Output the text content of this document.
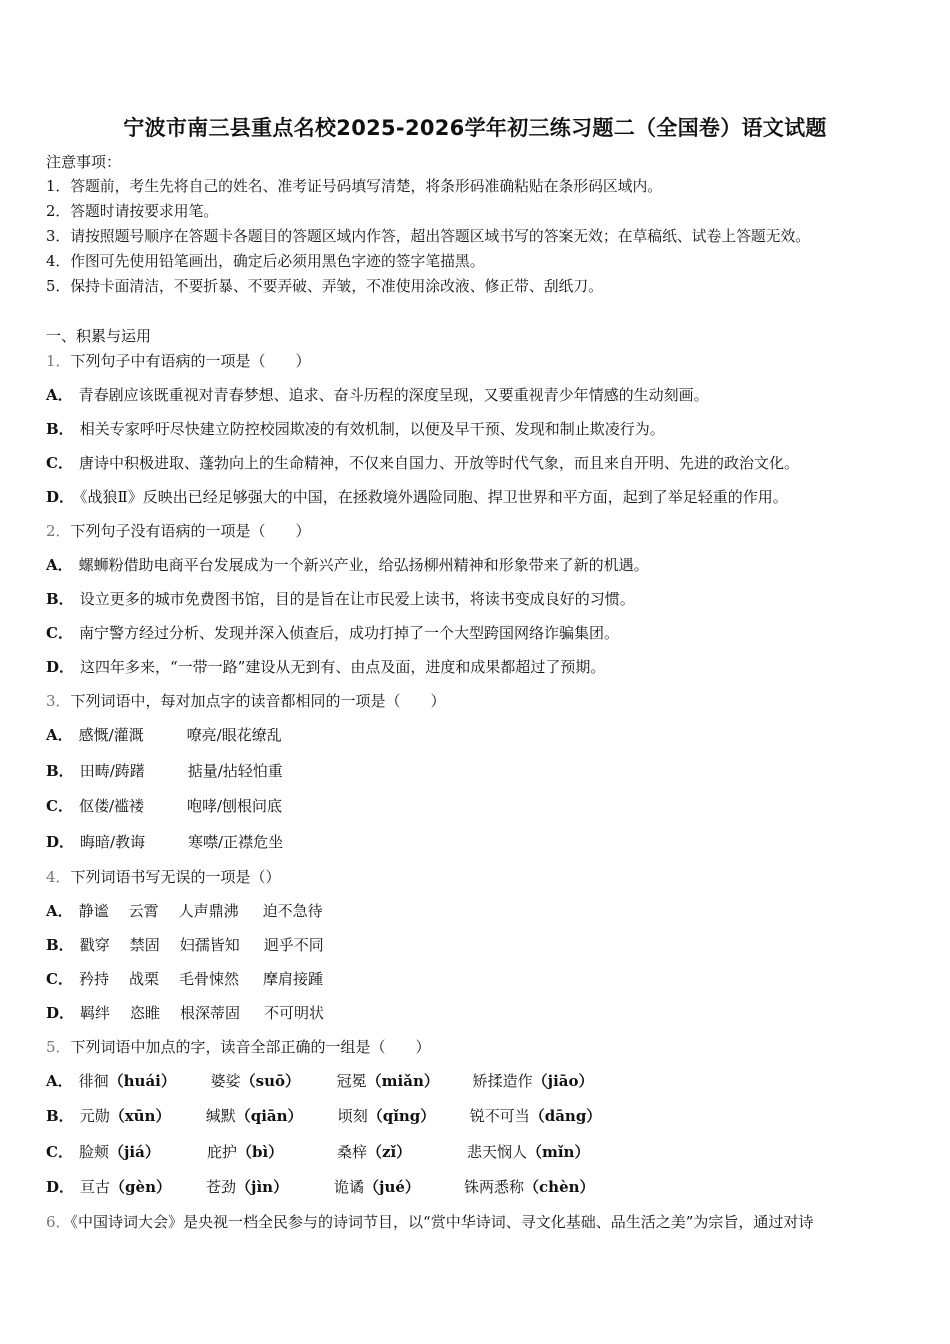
宁波市南三县重点名校2025-2026学年初三练习题二（全国卷）语文试题
注意事项：
1．答题前，考生先将自己的姓名、准考证号码填写清楚，将条形码准确粘贴在条形码区域内。
2．答题时请按要求用笔。
3．请按照题号顺序在答题卡各题目的答题区域内作答，超出答题区域书写的答案无效；在草稿纸、试卷上答题无效。
4．作图可先使用铅笔画出，确定后必须用黑色字迹的签字笔描黑。
5．保持卡面清洁，不要折暴、不要弄破、弄皱，不准使用涂改液、修正带、刮纸刀。
一、积累与运用
1．下列句子中有语病的一项是（　　）
A． 青春剧应该既重视对青春梦想、追求、奋斗历程的深度呈现，又要重视青少年情感的生动刻画。
B． 相关专家呼吁尽快建立防控校园欺凌的有效机制，以便及早干预、发现和制止欺凌行为。
C． 唐诗中积极进取、蓬勃向上的生命精神，不仅来自国力、开放等时代气象，而且来自开明、先进的政治文化。
D． 《战狼Ⅱ》反映出已经足够强大的中国，在拯救境外遇险同胞、捍卫世界和平方面，起到了举足轻重的作用。
2．下列句子没有语病的一项是（　　）
A． 螺蛳粉借助电商平台发展成为一个新兴产业，给弘扬柳州精神和形象带来了新的机遇。
B． 设立更多的城市免费图书馆，目的是旨在让市民爱上读书，将读书变成良好的习惯。
C． 南宁警方经过分析、发现并深入侦查后，成功打掉了一个大型跨国网络诈骗集团。
D． 这四年多来，“一带一路”建设从无到有、由点及面，进度和成果都超过了预期。
3．下列词语中，每对加点字的读音都相同的一项是（　　）
A． 感慨/灌溉	嘹亮/眼花缭乱
B． 田畴/踌躇	掂量/拈轻怕重
C． 伛偻/褴褛	咆哮/刨根问底
D． 晦暗/教诲	寒噤/正襟危坐
4．下列词语书写无误的一项是（）
A． 静谧 云霄 人声鼎沸 迫不急待
B． 戳穿 禁固 妇孺皆知 迥乎不同
C． 矜持 战栗 毛骨悚然 摩肩接踵
D． 羁绊 恣睢 根深蒂固 不可明状
5．下列词语中加点的字，读音全部正确的一组是（　　）
A． 徘徊（huái） 婆娑（suō） 冠冕（miǎn） 矫揉造作（jiāo）
B． 元勋（xūn） 缄默（qiān） 顷刻（qǐng） 锐不可当（dāng）
C． 脸颊（jiá）	庇护（bì）	桑梓（zǐ）	悲天悯人（mǐn）
D． 亘古（gèn） 苍劲（jìn）	诡谲（jué）	铢两悉称（chèn）
6．《中国诗词大会》是央视一档全民参与的诗词节目，以“赏中华诗词、寻文化基础、品生活之美”为宗旨，通过对诗
